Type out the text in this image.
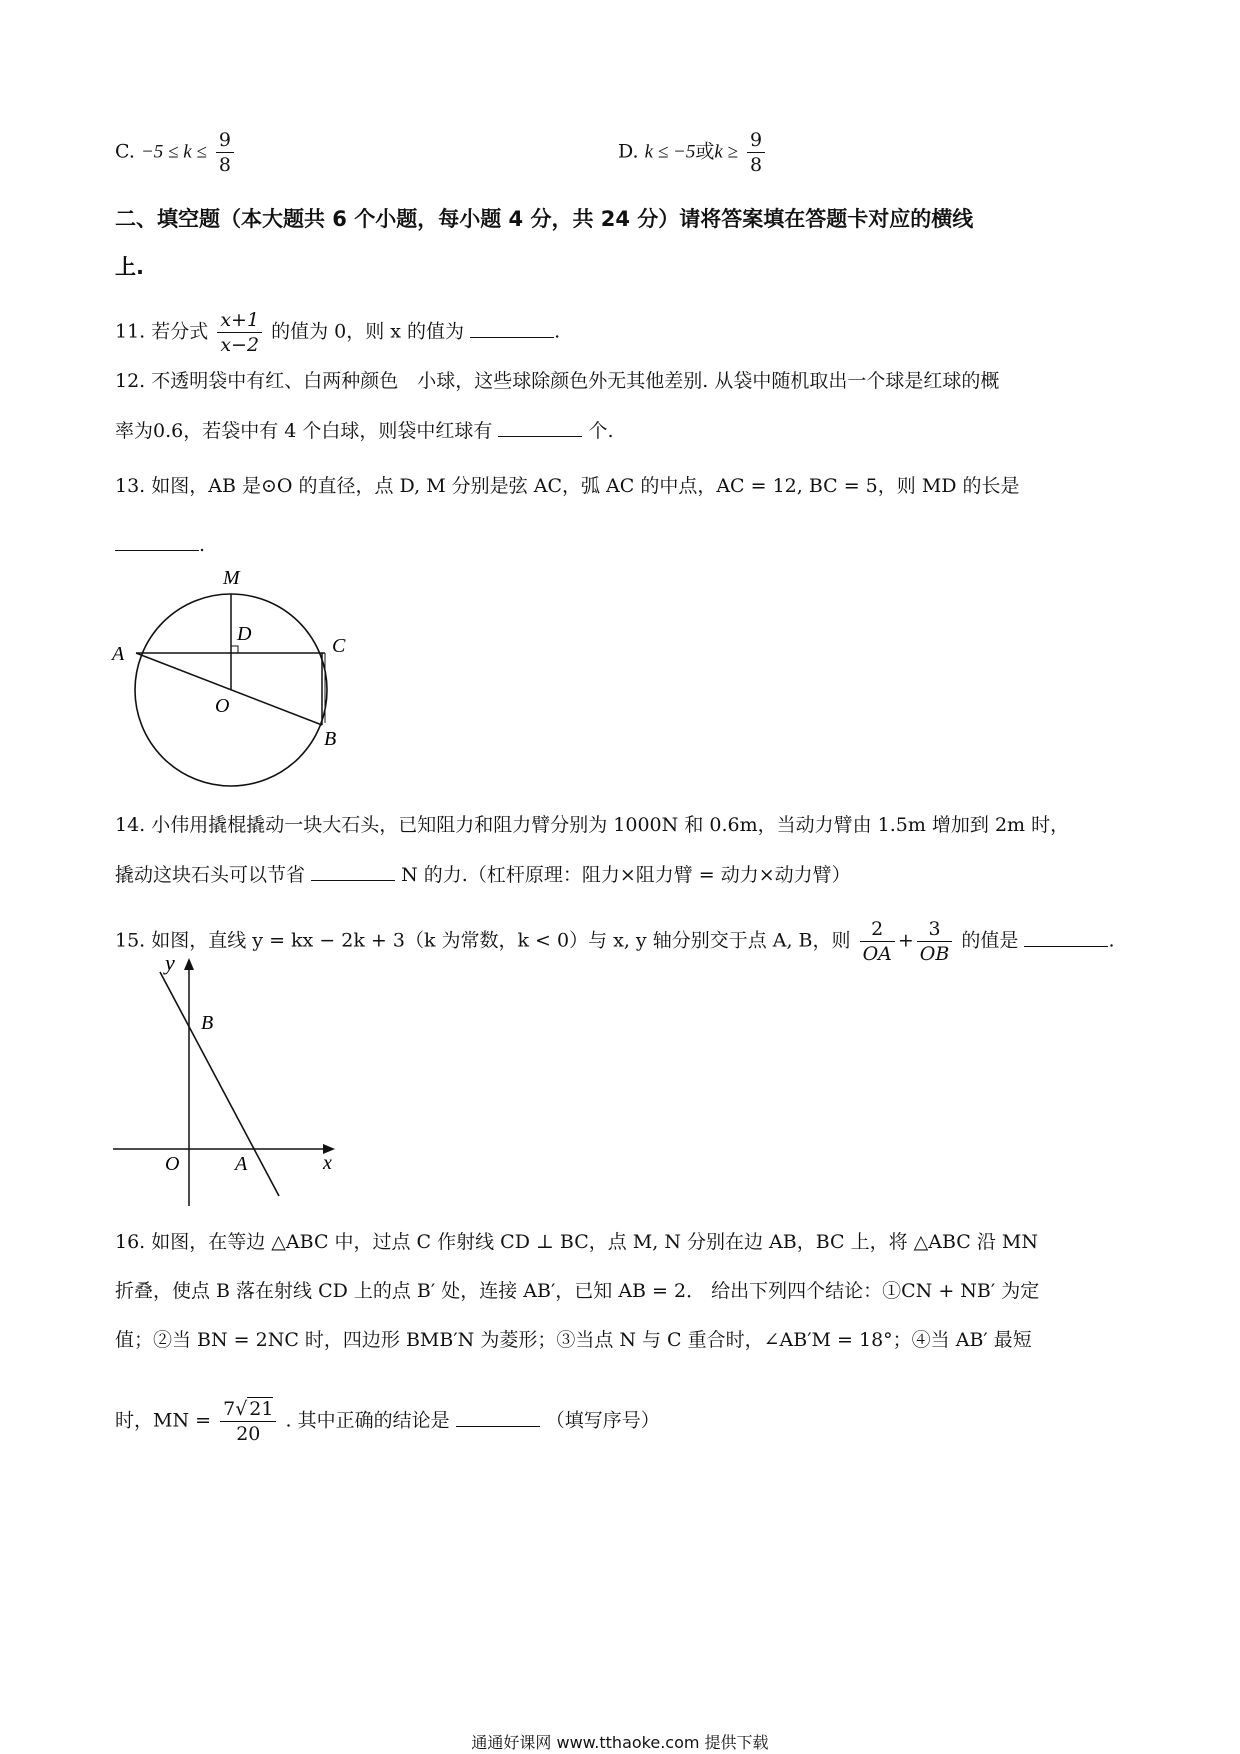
C. $-5 \le k \le \frac{9}{8}$	D. k ≤ −5或$k \ge \frac{9}{8}$
二、填空题（本大题共 6 个小题，每小题 4 分，共 24 分）请将答案填在答题卡对应的横线
上.
11. 若分式 $\frac{x+1}{x-2}$ 的值为 0，则 x 的值为	.
12. 不透明袋中有红、白两种颜色　小球，这些球除颜色外无其他差别. 从袋中随机取出一个球是红球的概
率为0.6，若袋中有 4 个白球，则袋中红球有	个.
13. 如图，AB 是⊙O 的直径，点 D, M 分别是弦 AC，弧 AC 的中点，AC = 12, BC = 5，则 MD 的长是
.
M
D
A	C
O
B
14. 小伟用撬棍撬动一块大石头，已知阻力和阻力臂分别为 1000N 和 0.6m，当动力臂由 1.5m 增加到 2m 时，
撬动这块石头可以节省	N 的力.（杠杆原理：阻力×阻力臂 = 动力×动力臂）
15. 如图，直线 y = kx − 2k + 3（k 为常数，k < 0）与 x, y 轴分别交于点 A, B，则 $\frac{2}{OA} + \frac{3}{OB}$ 的值是	.
y
B
O	A	x
16. 如图，在等边 △ABC 中，过点 C 作射线 CD ⊥ BC，点 M, N 分别在边 AB，BC 上，将 △ABC 沿 MN
折叠，使点 B 落在射线 CD 上的点 B′ 处，连接 AB′，已知 AB = 2． 给出下列四个结论：①CN + NB′ 为定
值；②当 BN = 2NC 时，四边形 BMB′N 为菱形；③当点 N 与 C 重合时，∠AB′M = 18°；④当 AB′ 最短
时，MN = $\frac{7√ 21}{20}$ . 其中正确的结论是	（填写序号）
通通好课网 www.tthaoke.com 提供下载
